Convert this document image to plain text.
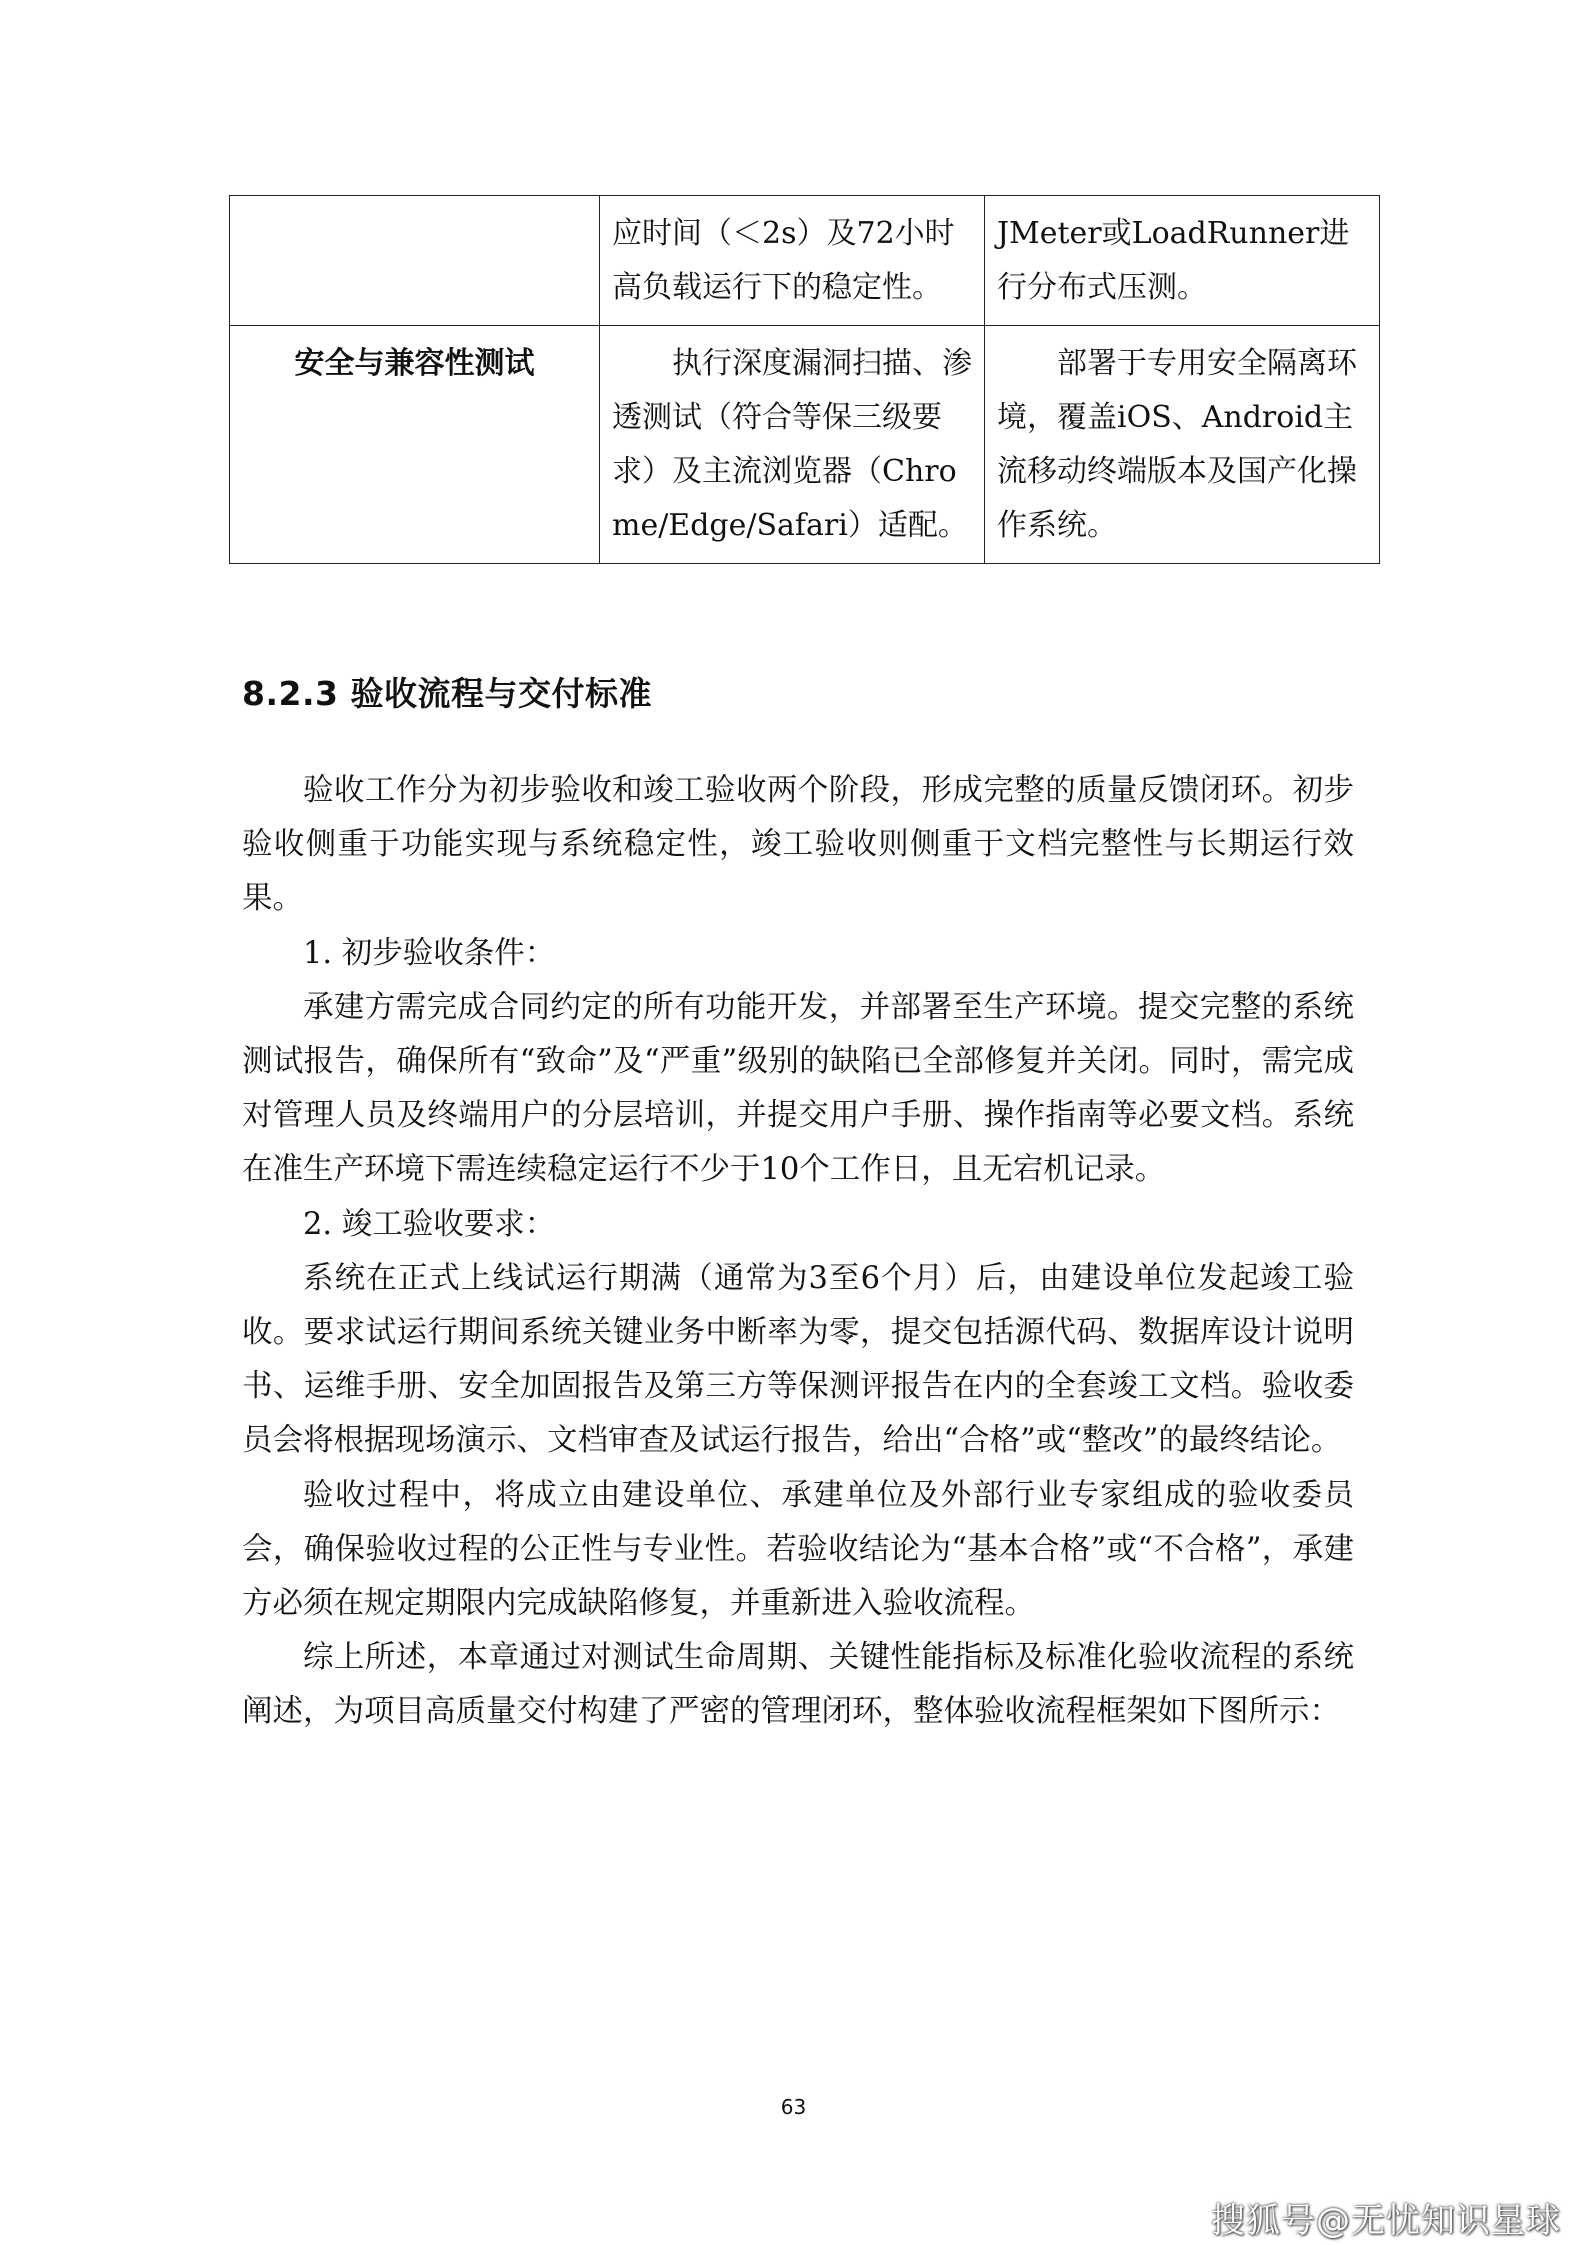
	应时间（＜2s）及72小时高负载运行下的稳定性。	JMeter或LoadRunner进行分布式压测。
安全与兼容性测试	执行深度漏洞扫描、渗透测试（符合等保三级要求）及主流浏览器（Chrome/Edge/Safari）适配。	部署于专用安全隔离环境，覆盖iOS、Android主流移动终端版本及国产化操作系统。
8.2.3 验收流程与交付标准

验收工作分为初步验收和竣工验收两个阶段，形成完整的质量反馈闭环。初步验收侧重于功能实现与系统稳定性，竣工验收则侧重于文档完整性与长期运行效果。

1. 初步验收条件：

承建方需完成合同约定的所有功能开发，并部署至生产环境。提交完整的系统测试报告，确保所有“致命”及“严重”级别的缺陷已全部修复并关闭。同时，需完成对管理人员及终端用户的分层培训，并提交用户手册、操作指南等必要文档。系统在准生产环境下需连续稳定运行不少于10个工作日，且无宕机记录。

2. 竣工验收要求：

系统在正式上线试运行期满（通常为3至6个月）后，由建设单位发起竣工验收。要求试运行期间系统关键业务中断率为零，提交包括源代码、数据库设计说明书、运维手册、安全加固报告及第三方等保测评报告在内的全套竣工文档。验收委员会将根据现场演示、文档审查及试运行报告，给出“合格”或“整改”的最终结论。

验收过程中，将成立由建设单位、承建单位及外部行业专家组成的验收委员会，确保验收过程的公正性与专业性。若验收结论为“基本合格”或“不合格”，承建方必须在规定期限内完成缺陷修复，并重新进入验收流程。

综上所述，本章通过对测试生命周期、关键性能指标及标准化验收流程的系统阐述，为项目高质量交付构建了严密的管理闭环，整体验收流程框架如下图所示：

63
搜狐号@无忧知识星球
